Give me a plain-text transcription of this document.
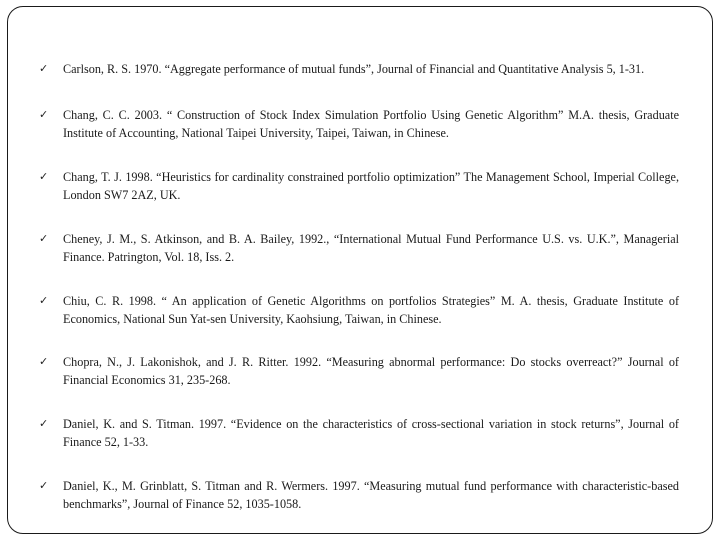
✓ Carlson, R. S. 1970. “Aggregate performance of mutual funds”, Journal of Financial and Quantitative Analysis 5, 1-31.
✓ Chang, C. C. 2003. “ Construction of Stock Index Simulation Portfolio Using Genetic Algorithm” M.A. thesis, Graduate Institute of Accounting, National Taipei University, Taipei, Taiwan, in Chinese.
✓ Chang, T. J. 1998. “Heuristics for cardinality constrained portfolio optimization” The Management School, Imperial College, London SW7 2AZ, UK.
✓ Cheney, J. M., S. Atkinson, and B. A. Bailey, 1992., “International Mutual Fund Performance U.S. vs. U.K.”, Managerial Finance. Patrington, Vol. 18, Iss. 2.
✓ Chiu, C. R. 1998. “ An application of Genetic Algorithms on portfolios Strategies” M. A. thesis, Graduate Institute of Economics, National Sun Yat-sen University, Kaohsiung, Taiwan, in Chinese.
✓ Chopra, N., J. Lakonishok, and J. R. Ritter. 1992. “Measuring abnormal performance: Do stocks overreact?” Journal of Financial Economics 31, 235-268.
✓ Daniel, K. and S. Titman. 1997. “Evidence on the characteristics of cross-sectional variation in stock returns”, Journal of Finance 52, 1-33.
✓ Daniel, K., M. Grinblatt, S. Titman and R. Wermers. 1997. “Measuring mutual fund performance with characteristic-based benchmarks”, Journal of Finance 52, 1035-1058.
